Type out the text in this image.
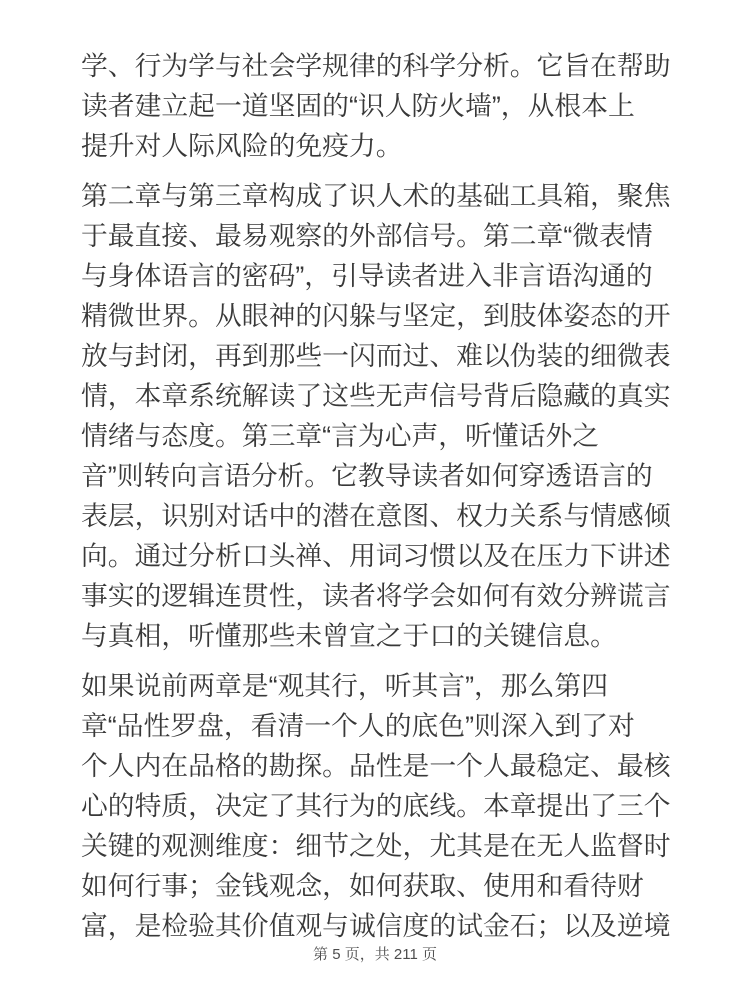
学、行为学与社会学规律的科学分析。它旨在帮助
读者建立起一道坚固的“识人防火墙”，从根本上
提升对人际风险的免疫力。
第二章与第三章构成了识人术的基础工具箱，聚焦
于最直接、最易观察的外部信号。第二章“微表情
与身体语言的密码”，引导读者进入非言语沟通的
精微世界。从眼神的闪躲与坚定，到肢体姿态的开
放与封闭，再到那些一闪而过、难以伪装的细微表
情，本章系统解读了这些无声信号背后隐藏的真实
情绪与态度。第三章“言为心声，听懂话外之
音”则转向言语分析。它教导读者如何穿透语言的
表层，识别对话中的潜在意图、权力关系与情感倾
向。通过分析口头禅、用词习惯以及在压力下讲述
事实的逻辑连贯性，读者将学会如何有效分辨谎言
与真相，听懂那些未曾宣之于口的关键信息。
如果说前两章是“观其行，听其言”，那么第四
章“品性罗盘，看清一个人的底色”则深入到了对
个人内在品格的勘探。品性是一个人最稳定、最核
心的特质，决定了其行为的底线。本章提出了三个
关键的观测维度：细节之处，尤其是在无人监督时
如何行事；金钱观念，如何获取、使用和看待财
富，是检验其价值观与诚信度的试金石；以及逆境
第 5 页，共 211 页
